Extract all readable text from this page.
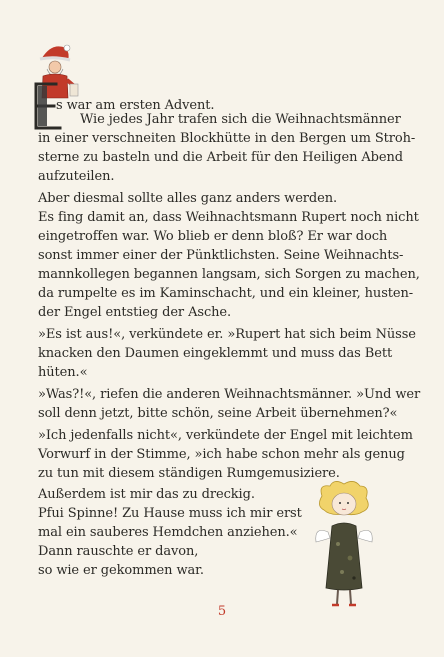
s war am ersten Advent.
Wie jedes Jahr trafen sich die Weihnachtsmänner
in einer verschneiten Blockhütte in den Bergen um Stroh-
sterne zu basteln und die Arbeit für den Heiligen Abend
aufzuteilen.
Aber diesmal sollte alles ganz anders werden.
Es fing damit an, dass Weihnachtsmann Rupert noch nicht
eingetroffen war. Wo blieb er denn bloß? Er war doch
sonst immer einer der Pünktlichsten. Seine Weihnachts-
mannkollegen begannen langsam, sich Sorgen zu machen,
da rumpelte es im Kaminschacht, und ein kleiner, husten-
der Engel entstieg der Asche.
»Es ist aus!«, verkündete er. »Rupert hat sich beim Nüsse
knacken den Daumen eingeklemmt und muss das Bett
hüten.«
»Was?!«, riefen die anderen Weihnachtsmänner. »Und wer
soll denn jetzt, bitte schön, seine Arbeit übernehmen?«
»Ich jedenfalls nicht«, verkündete der Engel mit leichtem
Vorwurf in der Stimme, »ich habe schon mehr als genug
zu tun mit diesem ständigen Rumgemusiziere.
Außerdem ist mir das zu dreckig.
Pfui Spinne! Zu Hause muss ich mir erst
mal ein sauberes Hemdchen anziehen.«
Dann rauschte er davon,
so wie er gekommen war.
5
